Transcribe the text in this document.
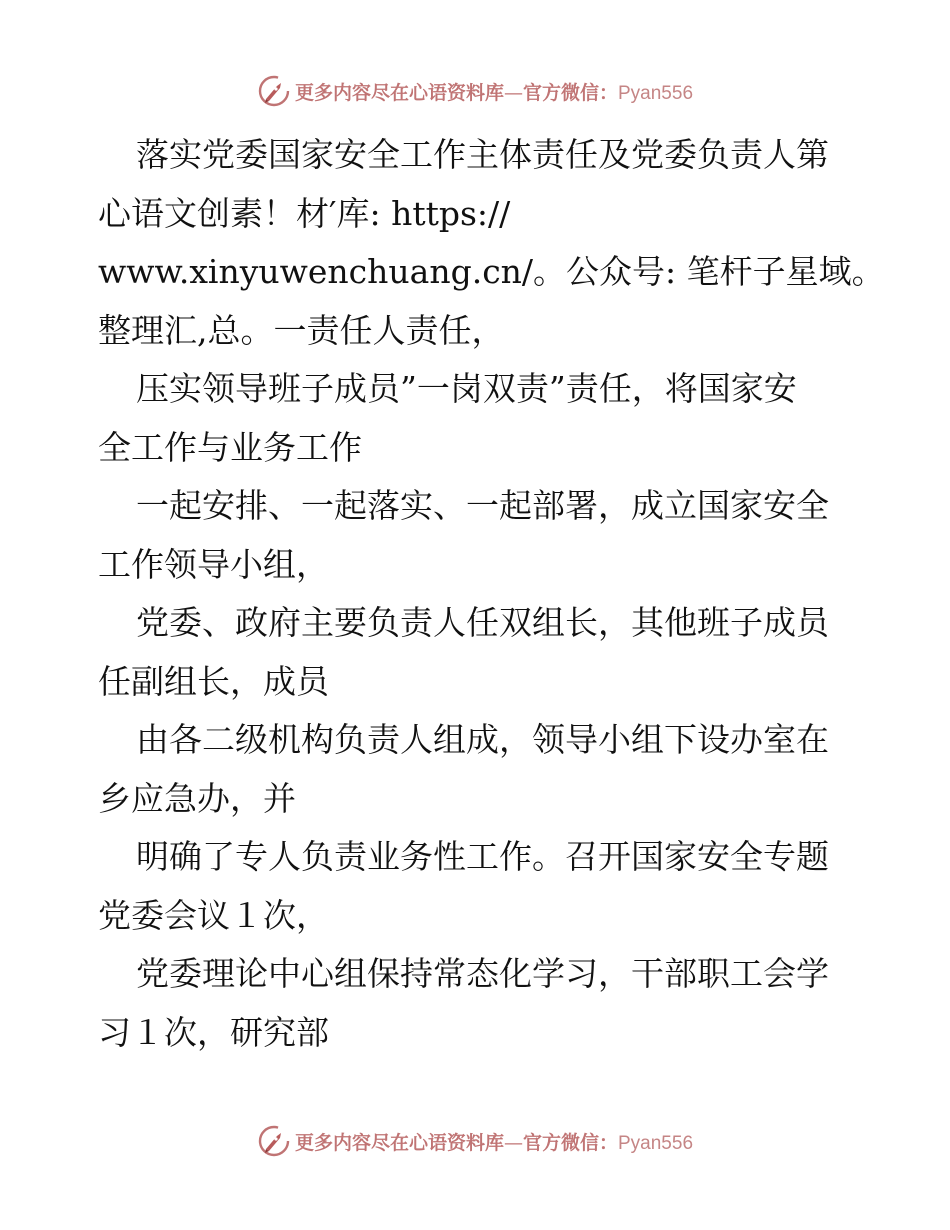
更多内容尽在心语资料库—官方微信：Pyan556

落实党委国家安全工作主体责任及党委负责人第

心语文创素！材′库: https://

www.xinyuwenchuang.cn/。公众号: 笔杆子星域。

整理汇,总。一责任人责任，

压实领导班子成员”一岗双责”责任，将国家安

全工作与业务工作

一起安排、一起落实、一起部署，成立国家安全

工作领导小组，

党委、政府主要负责人任双组长，其他班子成员

任副组长，成员

由各二级机构负责人组成，领导小组下设办室在

乡应急办，并

明确了专人负责业务性工作。召开国家安全专题

党委会议１次，

党委理论中心组保持常态化学习，干部职工会学

习１次，研究部

更多内容尽在心语资料库—官方微信：Pyan556
